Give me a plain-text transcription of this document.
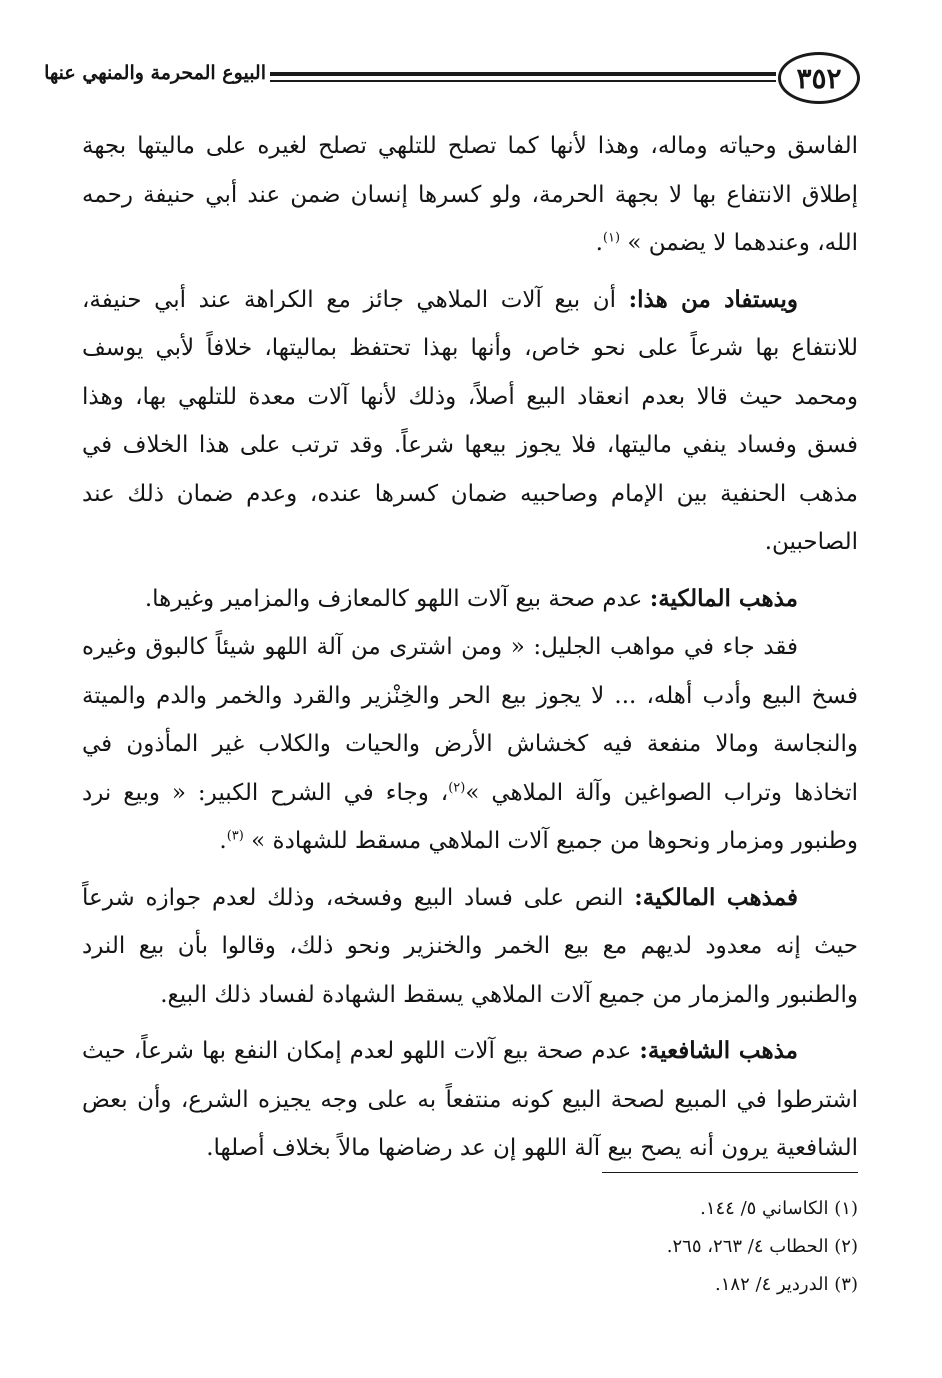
٣٥٢
البيوع المحرمة والمنهي عنها

الفاسق وحياته وماله، وهذا لأنها كما تصلح للتلهي تصلح لغيره على ماليتها بجهة إطلاق الانتفاع بها لا بجهة الحرمة، ولو كسرها إنسان ضمن عند أبي حنيفة رحمه الله، وعندهما لا يضمن » $^{(١)}$.

ويستفاد من هذا: أن بيع آلات الملاهي جائز مع الكراهة عند أبي حنيفة، للانتفاع بها شرعاً على نحو خاص، وأنها بهذا تحتفظ بماليتها، خلافاً لأبي يوسف ومحمد حيث قالا بعدم انعقاد البيع أصلاً، وذلك لأنها آلات معدة للتلهي بها، وهذا فسق وفساد ينفي ماليتها، فلا يجوز بيعها شرعاً. وقد ترتب على هذا الخلاف في مذهب الحنفية بين الإمام وصاحبيه ضمان كسرها عنده، وعدم ضمان ذلك عند الصاحبين.

مذهب المالكية: عدم صحة بيع آلات اللهو كالمعازف والمزامير وغيرها.

فقد جاء في مواهب الجليل: « ومن اشترى من آلة اللهو شيئاً كالبوق وغيره فسخ البيع وأدب أهله، ... لا يجوز بيع الحر والخِنْزير والقرد والخمر والدم والميتة والنجاسة ومالا منفعة فيه كخشاش الأرض والحيات والكلاب غير المأذون في اتخاذها وتراب الصواغين وآلة الملاهي »$^{(٢)}$، وجاء في الشرح الكبير: « وبيع نرد وطنبور ومزمار ونحوها من جميع آلات الملاهي مسقط للشهادة » $^{(٣)}$.

فمذهب المالكية: النص على فساد البيع وفسخه، وذلك لعدم جوازه شرعاً حيث إنه معدود لديهم مع بيع الخمر والخنزير ونحو ذلك، وقالوا بأن بيع النرد والطنبور والمزمار من جميع آلات الملاهي يسقط الشهادة لفساد ذلك البيع.

مذهب الشافعية: عدم صحة بيع آلات اللهو لعدم إمكان النفع بها شرعاً، حيث اشترطوا في المبيع لصحة البيع كونه منتفعاً به على وجه يجيزه الشرع، وأن بعض الشافعية يرون أنه يصح بيع آلة اللهو إن عد رضاضها مالاً بخلاف أصلها.

(١) الكاساني ٥/ ١٤٤.

(٢) الحطاب ٤/ ٢٦٣، ٢٦٥.

(٣) الدردير ٤/ ١٨٢.
